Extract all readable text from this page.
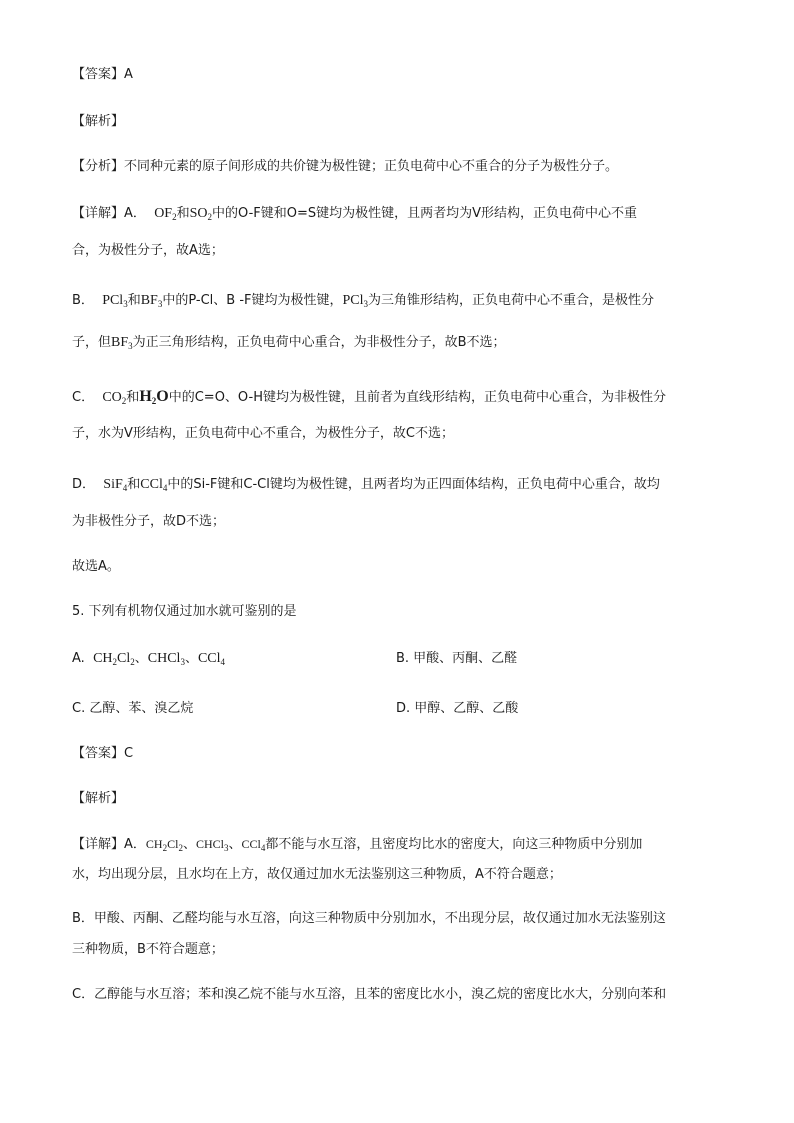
【答案】A
【解析】
【分析】不同种元素的原子间形成的共价键为极性键；正负电荷中心不重合的分子为极性分子。
【详解】A． $OF_2$和$SO_2$中的O-F键和O=S键均为极性键，且两者均为V形结构，正负电荷中心不重
合，为极性分子，故A选；
B． PCl$_3$和$BF_3$中的P-Cl、B -F键均为极性键，PCl$_3$为三角锥形结构，正负电荷中心不重合，是极性分
子，但$BF_3$为正三角形结构，正负电荷中心重合，为非极性分子，故B不选；
C． $CO_2$和$H_2O$中的C=O、O-H键均为极性键，且前者为直线形结构，正负电荷中心重合，为非极性分
子，水为V形结构，正负电荷中心不重合，为极性分子，故C不选；
D． SiF$_4$和CCl$_4$中的Si-F键和C-Cl键均为极性键，且两者均为正四面体结构，正负电荷中心重合，故均
为非极性分子，故D不选；
故选A。
5. 下列有机物仅通过加水就可鉴别的是
A. $CH_2Cl_2$、CHCl$_3$、CCl$_4$	B. 甲酸、丙酮、乙醛
C. 乙醇、苯、溴乙烷	D. 甲醇、乙醇、乙酸
【答案】C
【解析】
【详解】A．$CH_2Cl_2$、CHCl$_3$、CCl$_4$都不能与水互溶，且密度均比水的密度大，向这三种物质中分别加
水，均出现分层，且水均在上方，故仅通过加水无法鉴别这三种物质，A不符合题意；
B．甲酸、丙酮、乙醛均能与水互溶，向这三种物质中分别加水，不出现分层，故仅通过加水无法鉴别这
三种物质，B不符合题意；
C．乙醇能与水互溶；苯和溴乙烷不能与水互溶，且苯的密度比水小，溴乙烷的密度比水大，分别向苯和
